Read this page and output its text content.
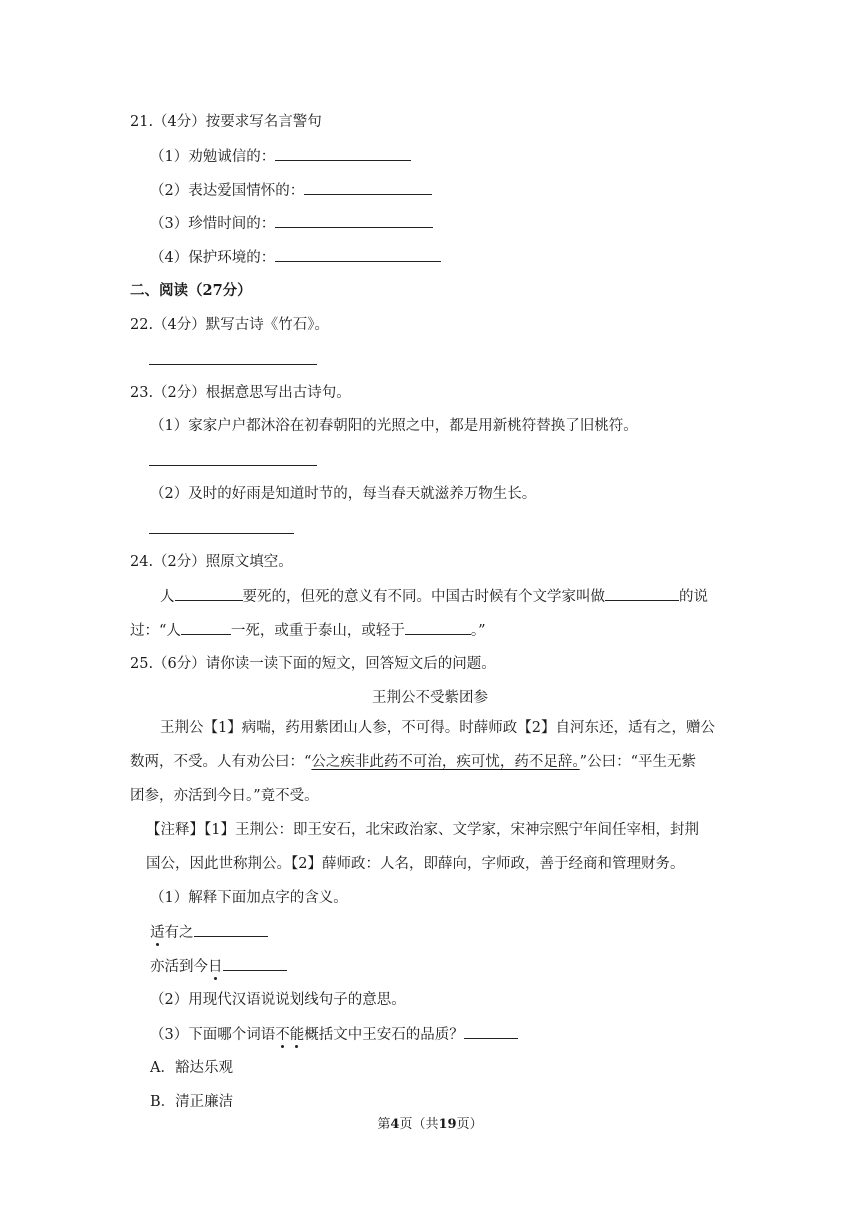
21.（4分）按要求写名言警句
（1）劝勉诚信的：
（2）表达爱国情怀的：
（3）珍惜时间的：
（4）保护环境的：
二、阅读（27分）
22.（4分）默写古诗《竹石》。
23.（2分）根据意思写出古诗句。
（1）家家户户都沐浴在初春朝阳的光照之中，都是用新桃符替换了旧桃符。
（2）及时的好雨是知道时节的，每当春天就滋养万物生长。
24.（2分）照原文填空。
人	要死的，但死的意义有不同。中国古时候有个文学家叫做	的说
过：“人	一死，或重于泰山，或轻于	。”
25.（6分）请你读一读下面的短文，回答短文后的问题。
王荆公不受紫团参
王荆公【1】病喘，药用紫团山人参，不可得。时薛师政【2】自河东还，适有之，赠公
数两，不受。人有劝公曰：“公之疾非此药不可治，疾可忧，药不足辞。”公曰：“平生无紫
团参，亦活到今日。”竟不受。
【注释】【1】王荆公：即王安石，北宋政治家、文学家，宋神宗熙宁年间任宰相，封荆
国公，因此世称荆公。【2】薛师政：人名，即薛向，字师政，善于经商和管理财务。
（1）解释下面加点字的含义。
适有之
亦活到今日
（2）用现代汉语说说划线句子的意思。
（3）下面哪个词语不能概括文中王安石的品质？
A．豁达乐观
B．清正廉洁
第4页（共19页）
